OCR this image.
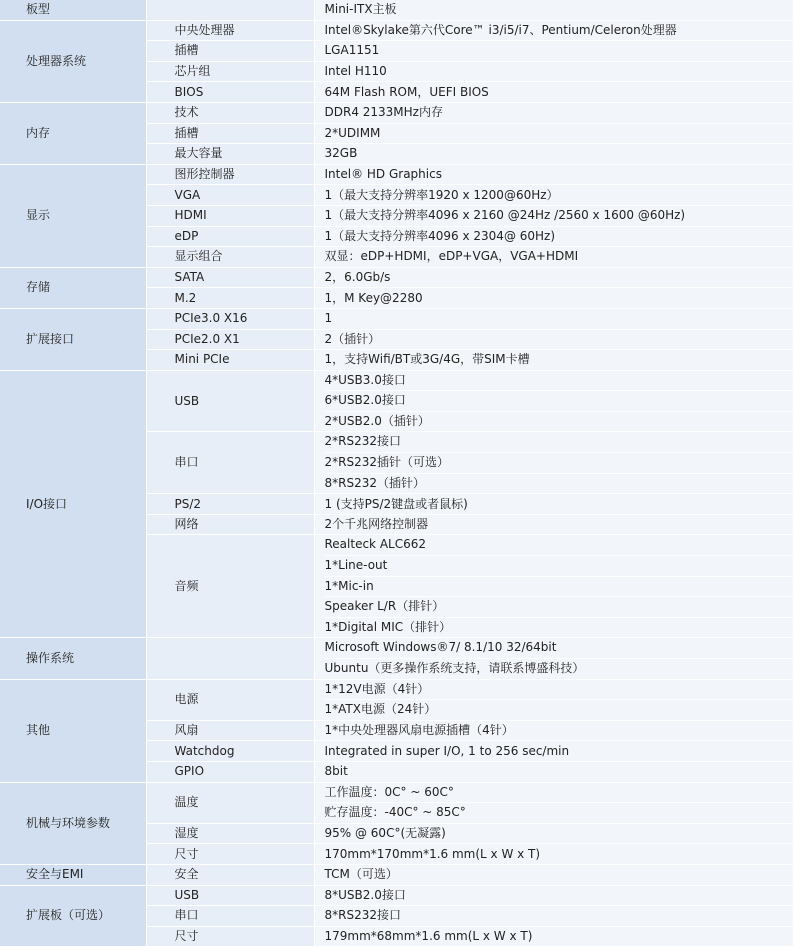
板型		Mini-ITX主板
处理器系统	中央处理器	Intel®Skylake第六代Core™ i3/i5/i7、Pentium/Celeron处理器
	插槽	LGA1151
	芯片组	Intel H110
	BIOS	64M Flash ROM，UEFI BIOS
内存	技术	DDR4 2133MHz内存
	插槽	2*UDIMM
	最大容量	32GB
显示	图形控制器	Intel® HD Graphics
	VGA	1（最大支持分辨率1920 x 1200@60Hz）
	HDMI	1（最大支持分辨率4096 x 2160 @24Hz /2560 x 1600 @60Hz)
	eDP	1（最大支持分辨率4096 x 2304@ 60Hz)
	显示组合	双显：eDP+HDMI，eDP+VGA，VGA+HDMI
存储	SATA	2，6.0Gb/s
	M.2	1，M Key@2280
扩展接口	PCIe3.0 X16	1
	PCIe2.0 X1	2（插针）
	Mini PCIe	1，支持Wifi/BT或3G/4G，带SIM卡槽
I/O接口	USB	4*USB3.0接口
6*USB2.0接口
2*USB2.0（插针）

	串口	2*RS232接口
2*RS232插针（可选）
8*RS232（插针）

	PS/2	1 (支持PS/2键盘或者鼠标)
	网络	2个千兆网络控制器
	音频	Realteck ALC662
1*Line-out
1*Mic-in
Speaker L/R（排针）
1*Digital MIC（排针）

操作系统		Microsoft Windows®7/ 8.1/10 32/64bit
Ubuntu（更多操作系统支持，请联系博盛科技）

其他	电源	1*12V电源（4针）
1*ATX电源（24针）

	风扇	1*中央处理器风扇电源插槽（4针）
	Watchdog	Integrated in super I/O, 1 to 256 sec/min
	GPIO	8bit
机械与环境参数	温度	工作温度：0C° ~ 60C°
贮存温度：-40C° ~ 85C°

	湿度	95% @ 60C°(无凝露)
	尺寸	170mm*170mm*1.6 mm(L x W x T)
安全与EMI	安全	TCM（可选）
扩展板（可选）	USB	8*USB2.0接口
	串口	8*RS232接口
	尺寸	179mm*68mm*1.6 mm(L x W x T)
